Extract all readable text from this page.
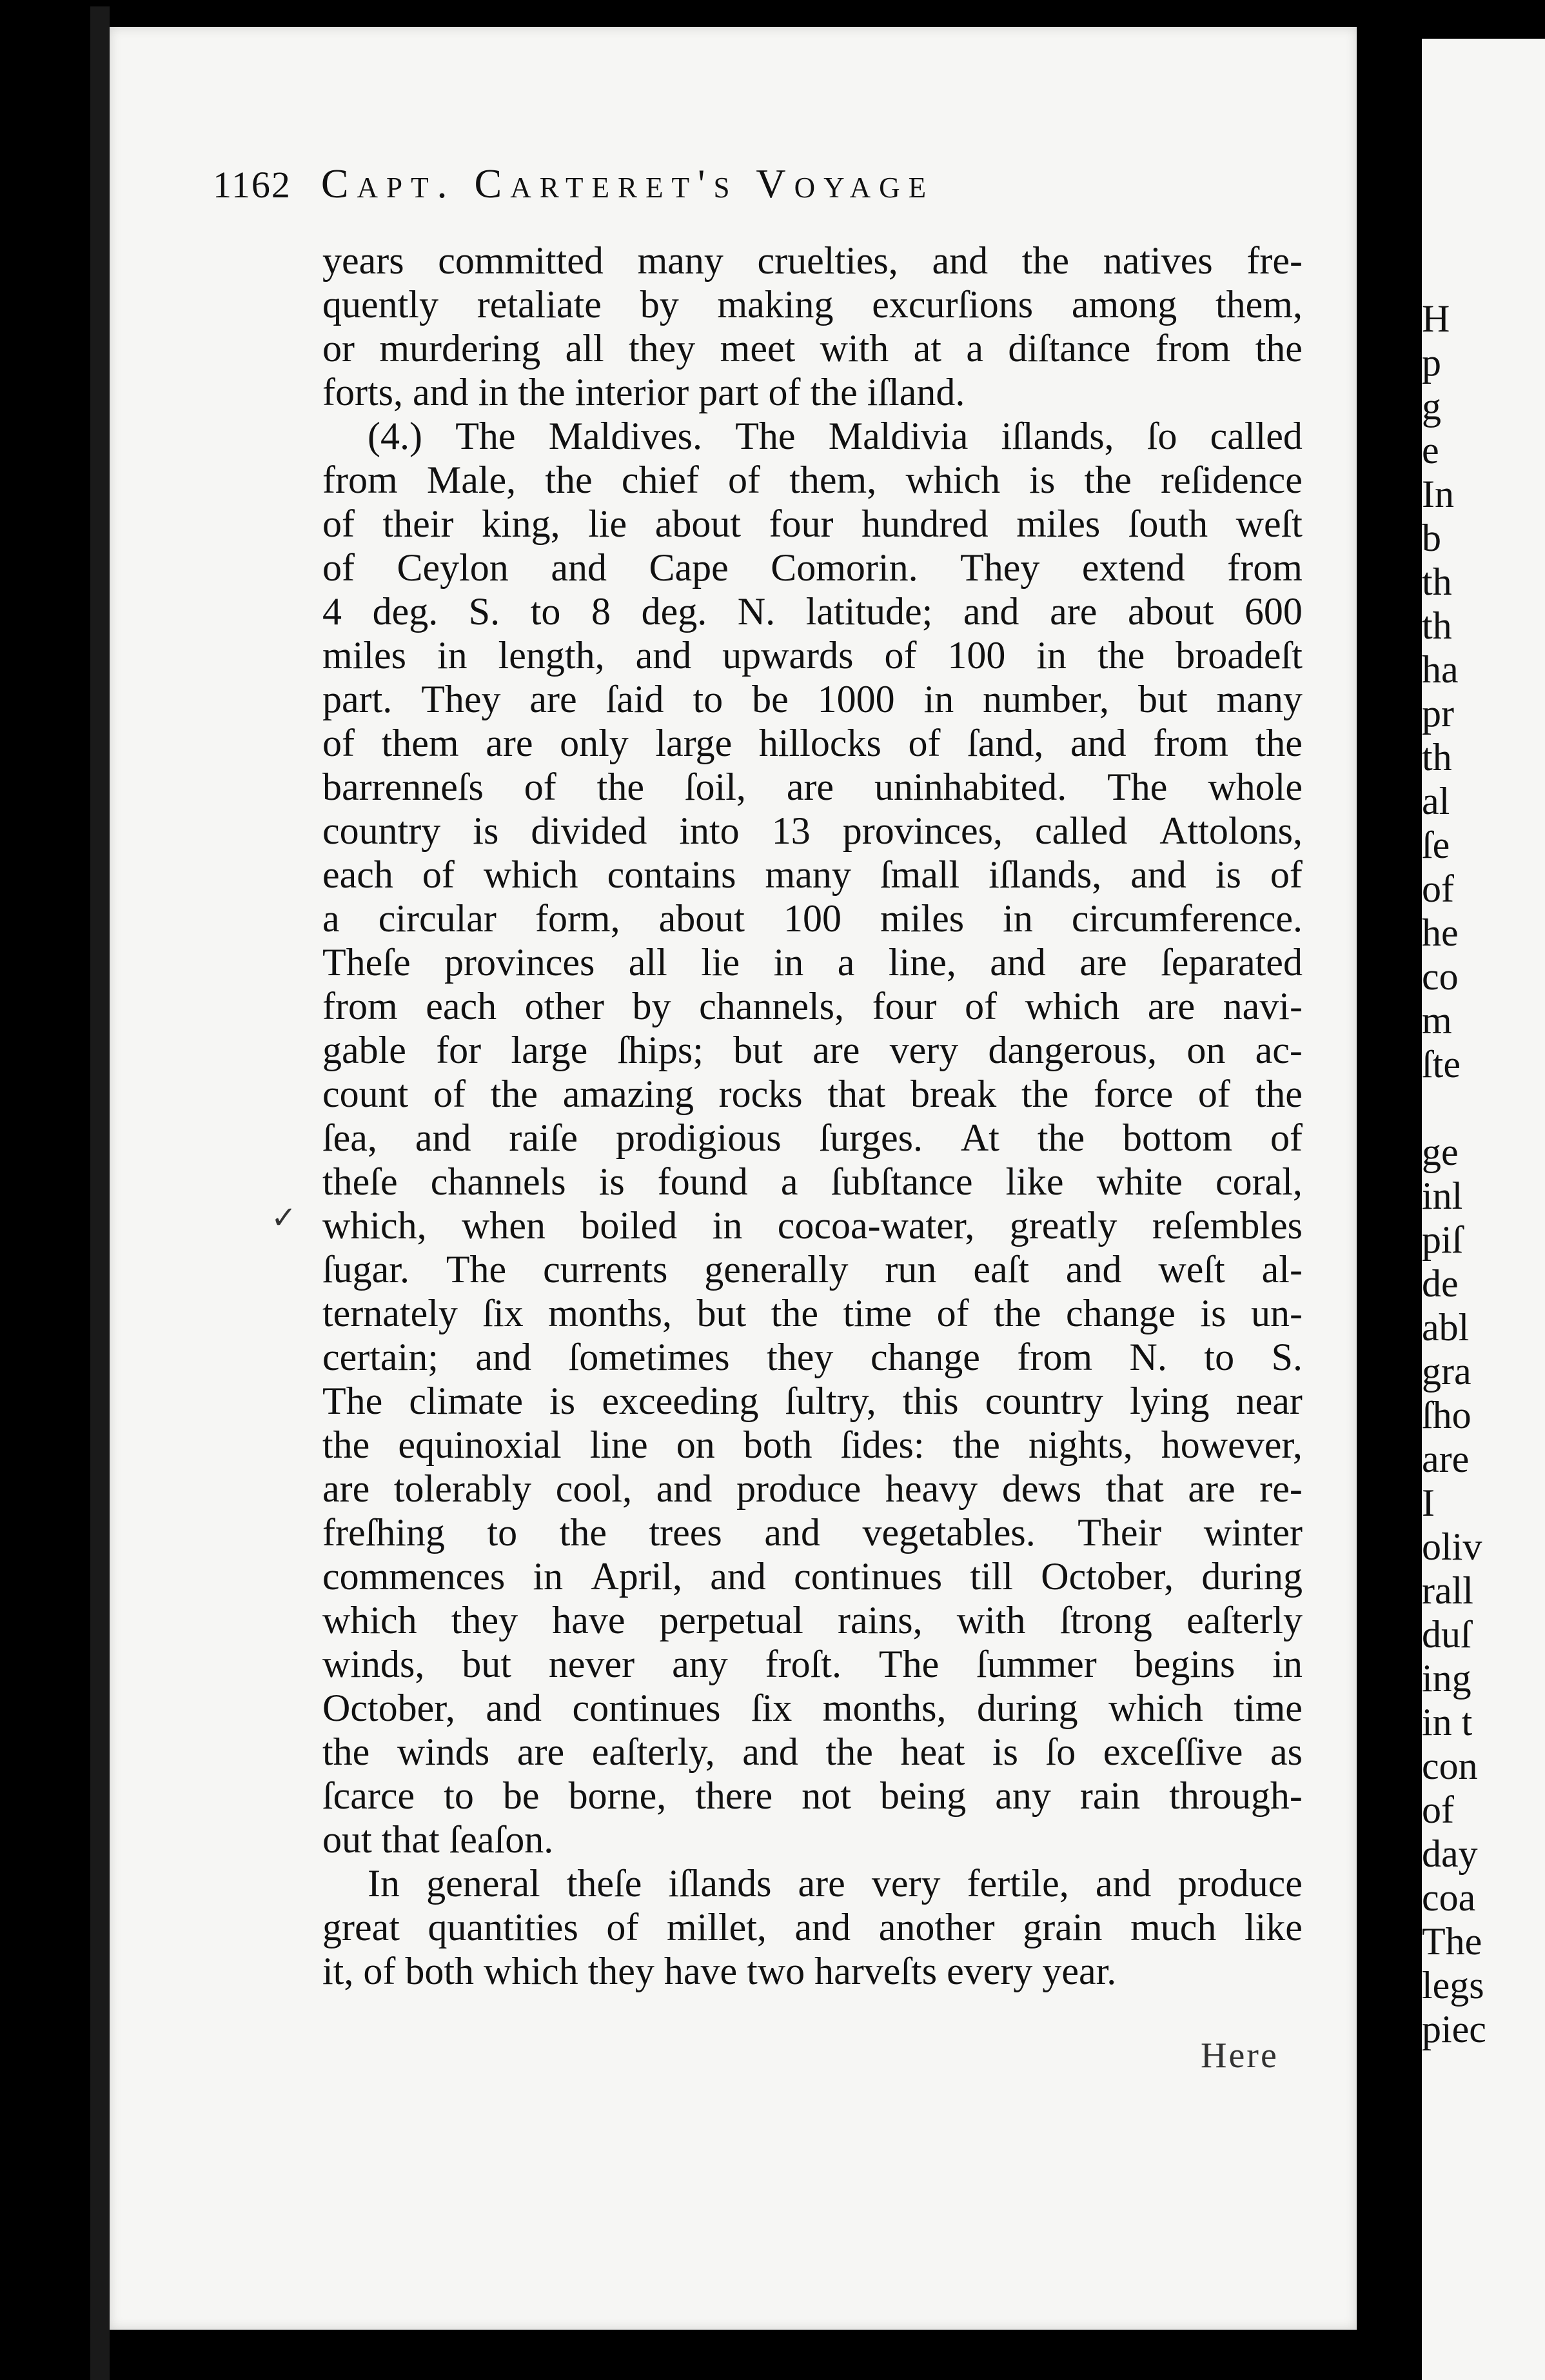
1162 Capt. Carteret's Voyage
years committed many cruelties, and the natives fre-
quently retaliate by making excurſions among them,
or murdering all they meet with at a diſtance from the
forts, and in the interior part of the iſland.
(4.) The Maldives. The Maldivia iſlands, ſo called
from Male, the chief of them, which is the reſidence
of their king, lie about four hundred miles ſouth weſt
of Ceylon and Cape Comorin. They extend from
4 deg. S. to 8 deg. N. latitude; and are about 600
miles in length, and upwards of 100 in the broadeſt
part. They are ſaid to be 1000 in number, but many
of them are only large hillocks of ſand, and from the
barrenneſs of the ſoil, are uninhabited. The whole
country is divided into 13 provinces, called Attolons,
each of which contains many ſmall iſlands, and is of
a circular form, about 100 miles in circumference.
Theſe provinces all lie in a line, and are ſeparated
from each other by channels, four of which are navi-
gable for large ſhips; but are very dangerous, on ac-
count of the amazing rocks that break the force of the
ſea, and raiſe prodigious ſurges. At the bottom of
theſe channels is found a ſubſtance like white coral,
which, when boiled in cocoa-water, greatly reſembles
ſugar. The currents generally run eaſt and weſt al-
ternately ſix months, but the time of the change is un-
certain; and ſometimes they change from N. to S.
The climate is exceeding ſultry, this country lying near
the equinoxial line on both ſides: the nights, however,
are tolerably cool, and produce heavy dews that are re-
freſhing to the trees and vegetables. Their winter
commences in April, and continues till October, during
which they have perpetual rains, with ſtrong eaſterly
winds, but never any froſt. The ſummer begins in
October, and continues ſix months, during which time
the winds are eaſterly, and the heat is ſo exceſſive as
ſcarce to be borne, there not being any rain through-
out that ſeaſon.
In general theſe iſlands are very fertile, and produce
great quantities of millet, and another grain much like
it, of both which they have two harveſts every year.
Here
H
p
g
e
In
b
th
th
ha
pr
th
al
ſe
of
he
co
m
ſte
ge
inl
piſ
de
abl
gra
ſho
are
I
oliv
rall
duſ
ing
in t
con
of
day
coa
The
legs
piec
✓
